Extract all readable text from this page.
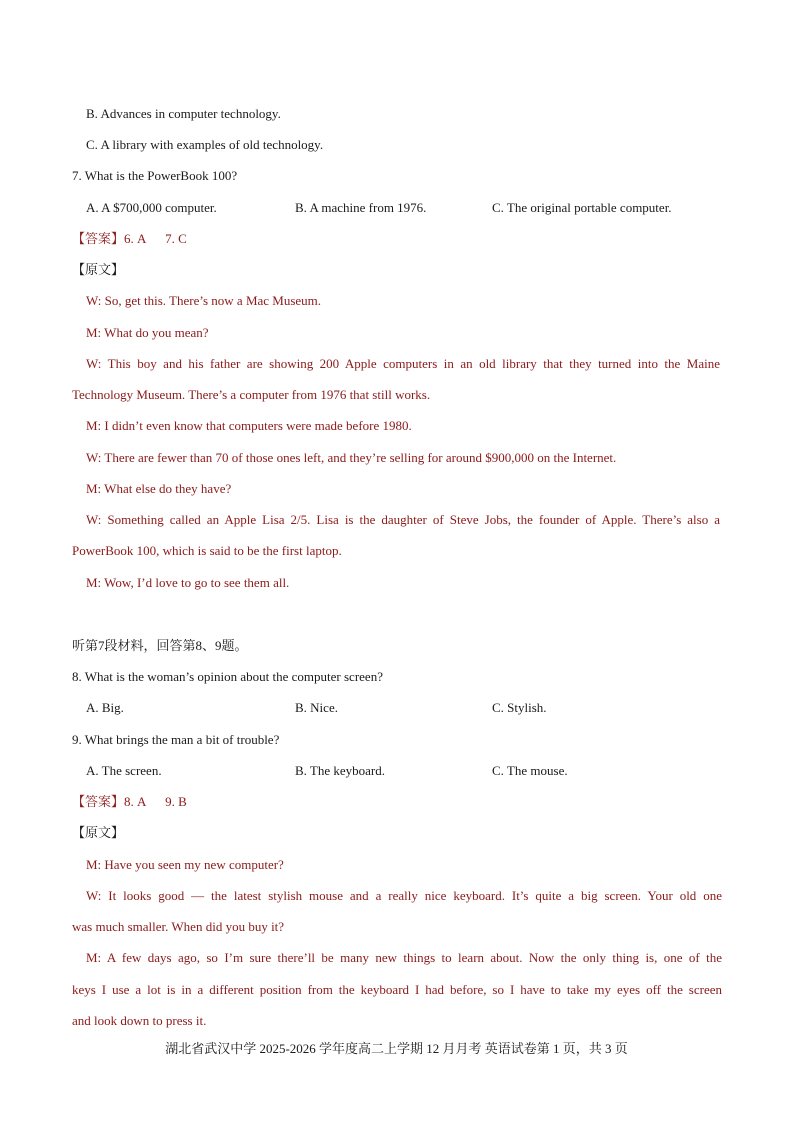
B. Advances in computer technology.
C. A library with examples of old technology.
7. What is the PowerBook 100?
A. A $700,000 computer.	B. A machine from 1976.	C. The original portable computer.
【答案】6. A      7. C
【原文】
W: So, get this. There’s now a Mac Museum.
M: What do you mean?
W: This boy and his father are showing 200 Apple computers in an old library that they turned into the Maine
Technology Museum. There’s a computer from 1976 that still works.
M: I didn’t even know that computers were made before 1980.
W: There are fewer than 70 of those ones left, and they’re selling for around $900,000 on the Internet.
M: What else do they have?
W: Something called an Apple Lisa 2/5. Lisa is the daughter of Steve Jobs, the founder of Apple. There’s also a
PowerBook 100, which is said to be the first laptop.
M: Wow, I’d love to go to see them all.
听第7段材料，回答第8、9题。
8. What is the woman’s opinion about the computer screen?
A. Big.	B. Nice.	C. Stylish.
9. What brings the man a bit of trouble?
A. The screen.	B. The keyboard.	C. The mouse.
【答案】8. A      9. B
【原文】
M: Have you seen my new computer?
W: It looks good — the latest stylish mouse and a really nice keyboard. It’s quite a big screen. Your old one
was much smaller. When did you buy it?
M: A few days ago, so I’m sure there’ll be many new things to learn about. Now the only thing is, one of the
keys I use a lot is in a different position from the keyboard I had before, so I have to take my eyes off the screen
and look down to press it.
湖北省武汉中学 2025-2026 学年度高二上学期 12 月月考 英语试卷第 1 页，共 3 页
